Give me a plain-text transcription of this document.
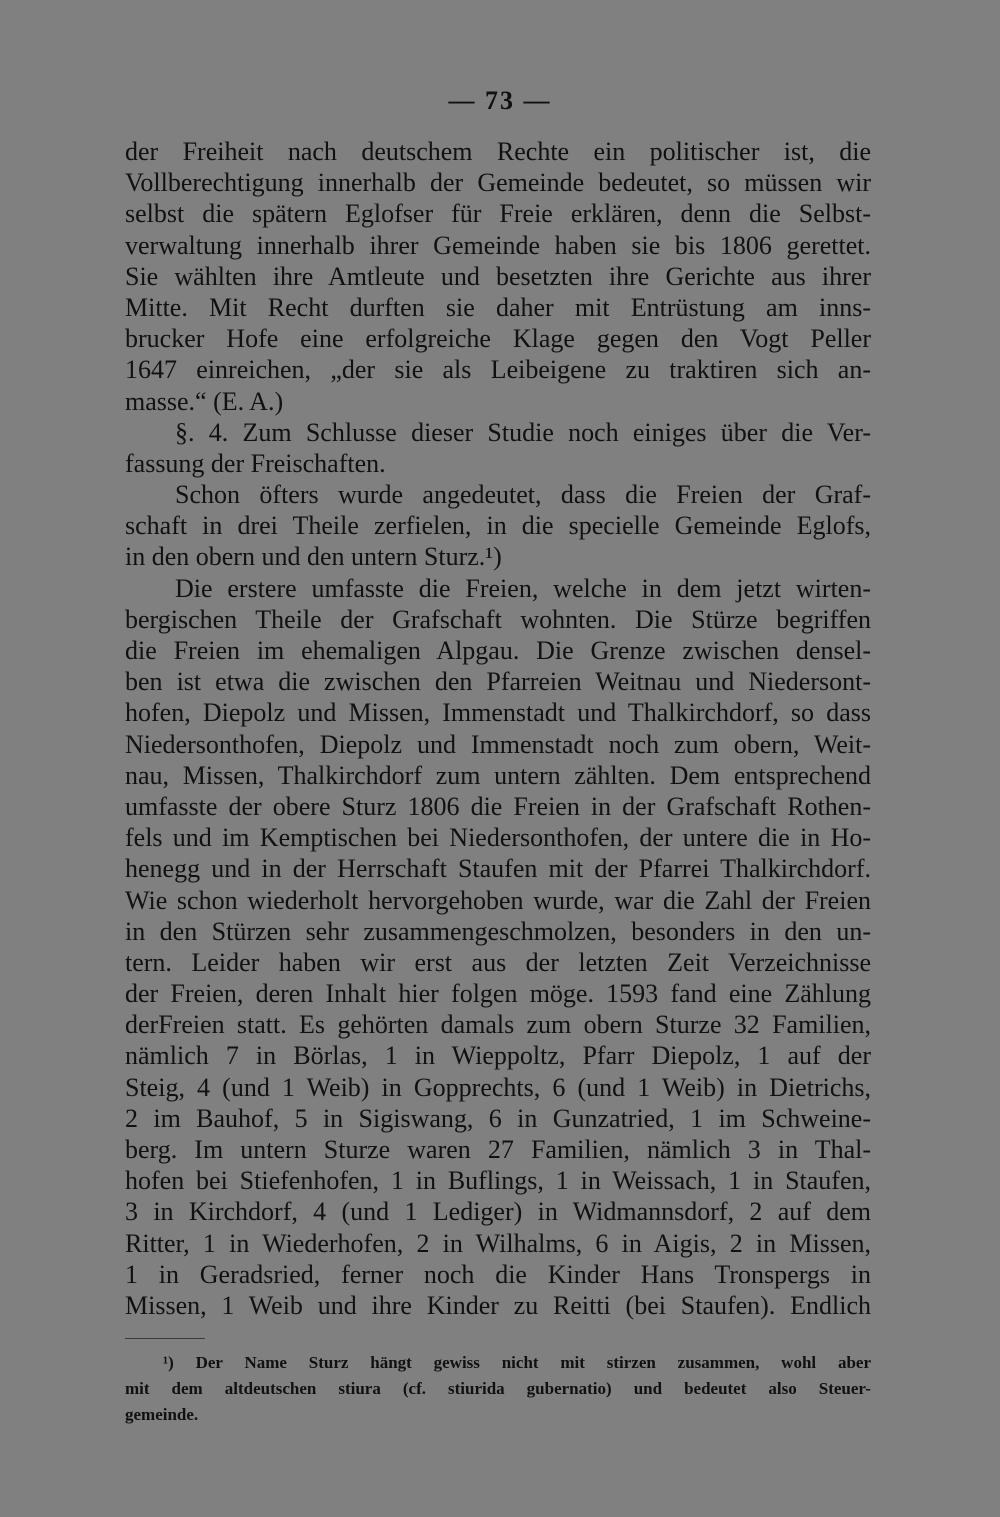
— 73 —
der Freiheit nach deutschem Rechte ein politischer ist, die
Vollberechtigung innerhalb der Gemeinde bedeutet, so müssen wir
selbst die spätern Eglofser für Freie erklären, denn die Selbst-
verwaltung innerhalb ihrer Gemeinde haben sie bis 1806 gerettet.
Sie wählten ihre Amtleute und besetzten ihre Gerichte aus ihrer
Mitte. Mit Recht durften sie daher mit Entrüstung am inns-
brucker Hofe eine erfolgreiche Klage gegen den Vogt Peller
1647 einreichen, „der sie als Leibeigene zu traktiren sich an-
masse.“ (E. A.)
§. 4. Zum Schlusse dieser Studie noch einiges über die Ver-
fassung der Freischaften.
Schon öfters wurde angedeutet, dass die Freien der Graf-
schaft in drei Theile zerfielen, in die specielle Gemeinde Eglofs,
in den obern und den untern Sturz.¹)
Die erstere umfasste die Freien, welche in dem jetzt wirten-
bergischen Theile der Grafschaft wohnten. Die Stürze begriffen
die Freien im ehemaligen Alpgau. Die Grenze zwischen densel-
ben ist etwa die zwischen den Pfarreien Weitnau und Niedersont-
hofen, Diepolz und Missen, Immenstadt und Thalkirchdorf, so dass
Niedersonthofen, Diepolz und Immenstadt noch zum obern, Weit-
nau, Missen, Thalkirchdorf zum untern zählten. Dem entsprechend
umfasste der obere Sturz 1806 die Freien in der Grafschaft Rothen-
fels und im Kemptischen bei Niedersonthofen, der untere die in Ho-
henegg und in der Herrschaft Staufen mit der Pfarrei Thalkirchdorf.
Wie schon wiederholt hervorgehoben wurde, war die Zahl der Freien
in den Stürzen sehr zusammengeschmolzen, besonders in den un-
tern. Leider haben wir erst aus der letzten Zeit Verzeichnisse
der Freien, deren Inhalt hier folgen möge. 1593 fand eine Zählung
derFreien statt. Es gehörten damals zum obern Sturze 32 Familien,
nämlich 7 in Börlas, 1 in Wieppoltz, Pfarr Diepolz, 1 auf der
Steig, 4 (und 1 Weib) in Gopprechts, 6 (und 1 Weib) in Dietrichs,
2 im Bauhof, 5 in Sigiswang, 6 in Gunzatried, 1 im Schweine-
berg. Im untern Sturze waren 27 Familien, nämlich 3 in Thal-
hofen bei Stiefenhofen, 1 in Buflings, 1 in Weissach, 1 in Staufen,
3 in Kirchdorf, 4 (und 1 Lediger) in Widmannsdorf, 2 auf dem
Ritter, 1 in Wiederhofen, 2 in Wilhalms, 6 in Aigis, 2 in Missen,
1 in Geradsried, ferner noch die Kinder Hans Tronspergs in
Missen, 1 Weib und ihre Kinder zu Reitti (bei Staufen). Endlich
¹) Der Name Sturz hängt gewiss nicht mit stirzen zusammen, wohl aber
mit dem altdeutschen stiura (cf. stiurida gubernatio) und bedeutet also Steuer-
gemeinde.
